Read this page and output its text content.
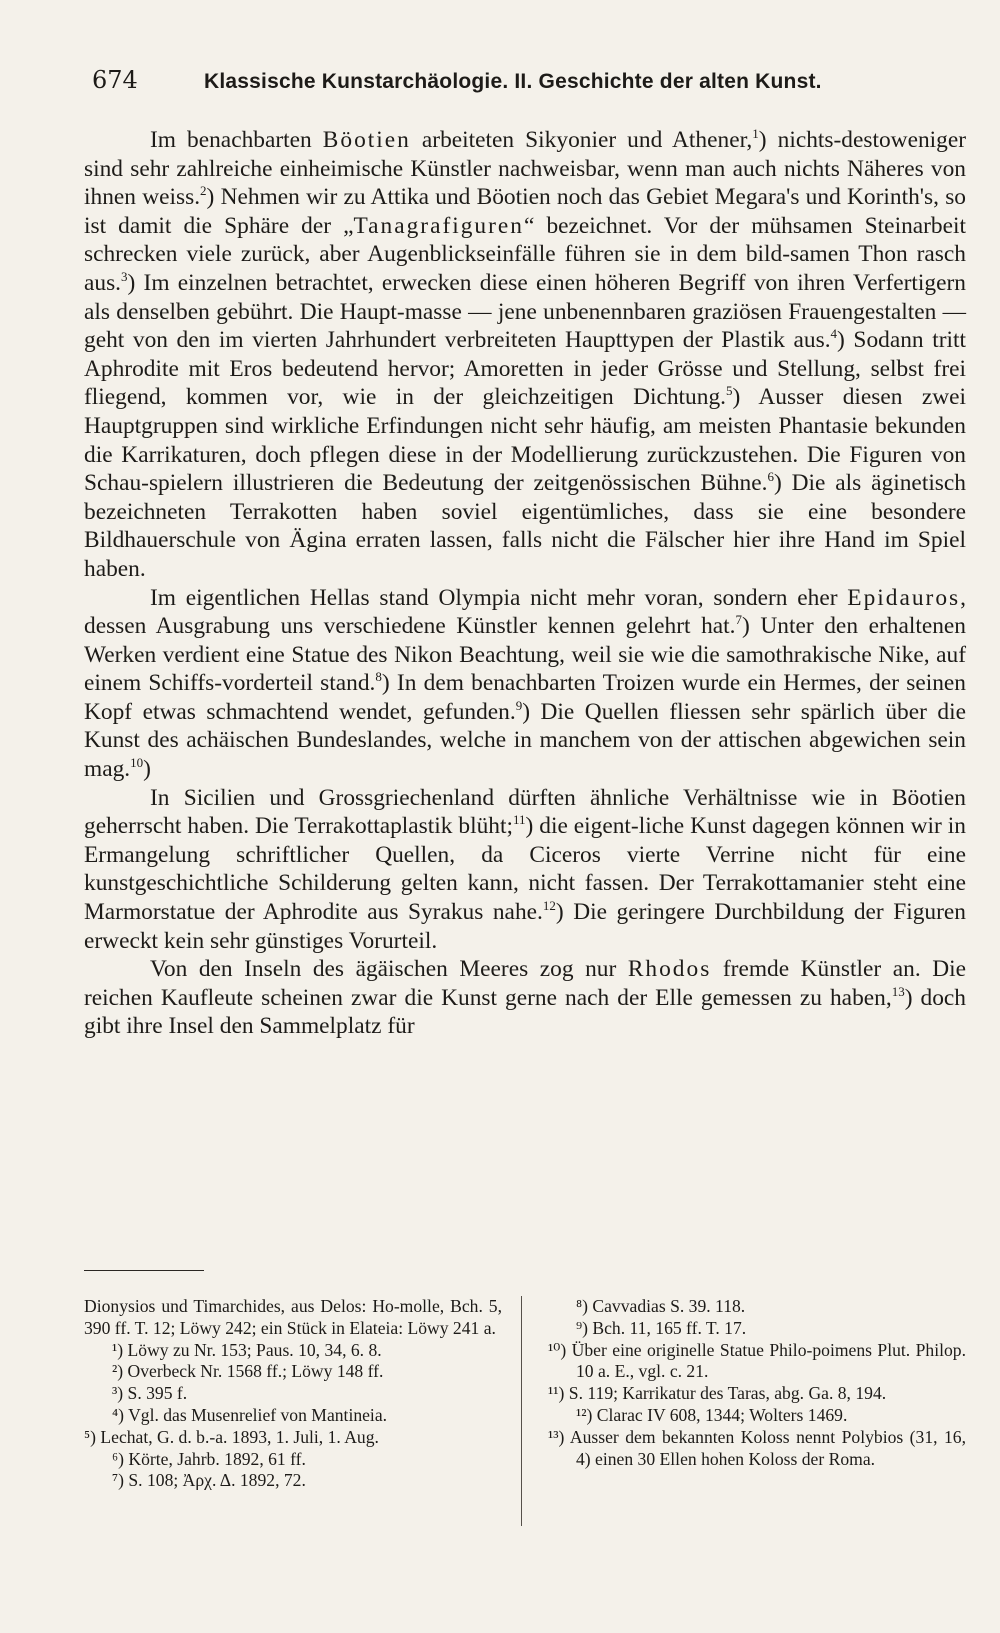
674	Klassische Kunstarchäologie. II. Geschichte der alten Kunst.

Im benachbarten Böotien arbeiteten Sikyonier und Athener,$^1$) nichts-destoweniger sind sehr zahlreiche einheimische Künstler nachweisbar, wenn man auch nichts Näheres von ihnen weiss.$^2$) Nehmen wir zu Attika und Böotien noch das Gebiet Megara's und Korinth's, so ist damit die Sphäre der „Tanagrafiguren“ bezeichnet. Vor der mühsamen Steinarbeit schrecken viele zurück, aber Augenblickseinfälle führen sie in dem bild-samen Thon rasch aus.$^3$) Im einzelnen betrachtet, erwecken diese einen höheren Begriff von ihren Verfertigern als denselben gebührt. Die Haupt-masse — jene unbenennbaren graziösen Frauengestalten — geht von den im vierten Jahrhundert verbreiteten Haupttypen der Plastik aus.$^4$) Sodann tritt Aphrodite mit Eros bedeutend hervor; Amoretten in jeder Grösse und Stellung, selbst frei fliegend, kommen vor, wie in der gleichzeitigen Dichtung.$^5$) Ausser diesen zwei Hauptgruppen sind wirkliche Erfindungen nicht sehr häufig, am meisten Phantasie bekunden die Karrikaturen, doch pflegen diese in der Modellierung zurückzustehen. Die Figuren von Schau-spielern illustrieren die Bedeutung der zeitgenössischen Bühne.$^6$) Die als äginetisch bezeichneten Terrakotten haben soviel eigentümliches, dass sie eine besondere Bildhauerschule von Ägina erraten lassen, falls nicht die Fälscher hier ihre Hand im Spiel haben.

Im eigentlichen Hellas stand Olympia nicht mehr voran, sondern eher Epidauros, dessen Ausgrabung uns verschiedene Künstler kennen gelehrt hat.$^7$) Unter den erhaltenen Werken verdient eine Statue des Nikon Beachtung, weil sie wie die samothrakische Nike, auf einem Schiffs-vorderteil stand.$^8$) In dem benachbarten Troizen wurde ein Hermes, der seinen Kopf etwas schmachtend wendet, gefunden.$^9$) Die Quellen fliessen sehr spärlich über die Kunst des achäischen Bundeslandes, welche in manchem von der attischen abgewichen sein mag.$^{10}$)

In Sicilien und Grossgriechenland dürften ähnliche Verhältnisse wie in Böotien geherrscht haben. Die Terrakottaplastik blüht;$^{11}$) die eigent-liche Kunst dagegen können wir in Ermangelung schriftlicher Quellen, da Ciceros vierte Verrine nicht für eine kunstgeschichtliche Schilderung gelten kann, nicht fassen. Der Terrakottamanier steht eine Marmorstatue der Aphrodite aus Syrakus nahe.$^{12}$) Die geringere Durchbildung der Figuren erweckt kein sehr günstiges Vorurteil.

Von den Inseln des ägäischen Meeres zog nur Rhodos fremde Künstler an. Die reichen Kaufleute scheinen zwar die Kunst gerne nach der Elle gemessen zu haben,$^{13}$) doch gibt ihre Insel den Sammelplatz für

Dionysios und Timarchides, aus Delos: Ho-molle, Bch. 5, 390 ff. T. 12; Löwy 242; ein Stück in Elateia: Löwy 241 a.

¹) Löwy zu Nr. 153; Paus. 10, 34, 6. 8.

²) Overbeck Nr. 1568 ff.; Löwy 148 ff.

³) S. 395 f.

⁴) Vgl. das Musenrelief von Mantineia.

⁵) Lechat, G. d. b.-a. 1893, 1. Juli, 1. Aug.

⁶) Körte, Jahrb. 1892, 61 ff.

⁷) S. 108; Ἀρχ. Δ. 1892, 72.

⁸) Cavvadias S. 39. 118.

⁹) Bch. 11, 165 ff. T. 17.

¹⁰) Über eine originelle Statue Philo-poimens Plut. Philop. 10 a. E., vgl. c. 21.

¹¹) S. 119; Karrikatur des Taras, abg. Ga. 8, 194.

¹²) Clarac IV 608, 1344; Wolters 1469.

¹³) Ausser dem bekannten Koloss nennt Polybios (31, 16, 4) einen 30 Ellen hohen Koloss der Roma.
